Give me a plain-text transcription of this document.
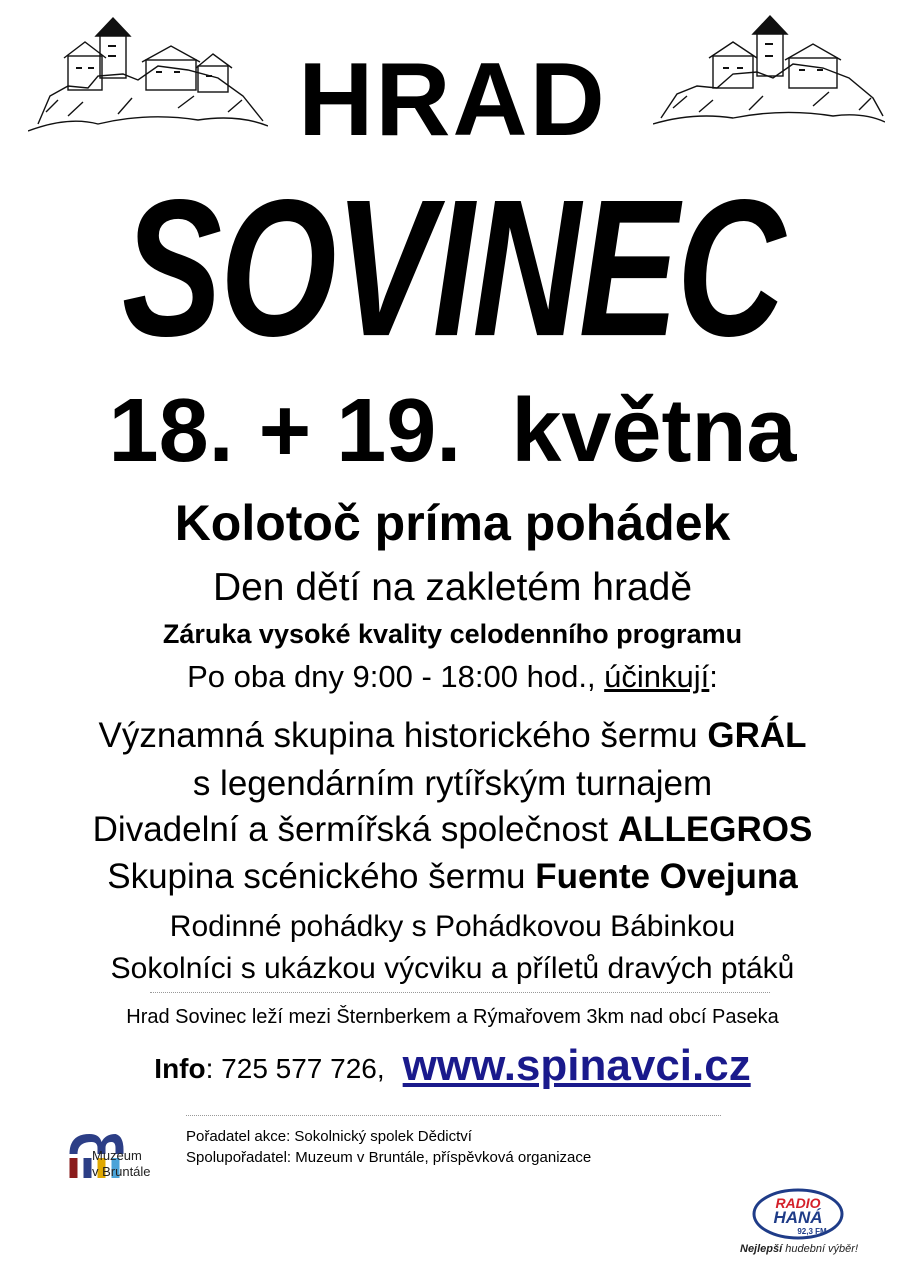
HRAD
SOVINEC
18. + 19.  května
Kolotoč príma pohádek
Den dětí na zakletém hradě
Záruka vysoké kvality celodenního programu
Po oba dny 9:00 - 18:00 hod., účinkují:
Významná skupina historického šermu GRÁL
s legendárním rytířským turnajem
Divadelní a šermířská společnost ALLEGROS
Skupina scénického šermu Fuente Ovejuna
Rodinné pohádky s Pohádkovou Bábinkou
Sokolníci s ukázkou výcviku a příletů dravých ptáků
Hrad Sovinec leží mezi Šternberkem a Rýmařovem 3km nad obcí Paseka
Info: 725 577 726, www.spinavci.cz
Muzeum
v Bruntále
Pořadatel akce: Sokolnický spolek Dědictví
Spolupořadatel: Muzeum v Bruntále, příspěvková organizace
RADIO
HANÁ
92,3 FM
Nejlepší hudební výběr!
